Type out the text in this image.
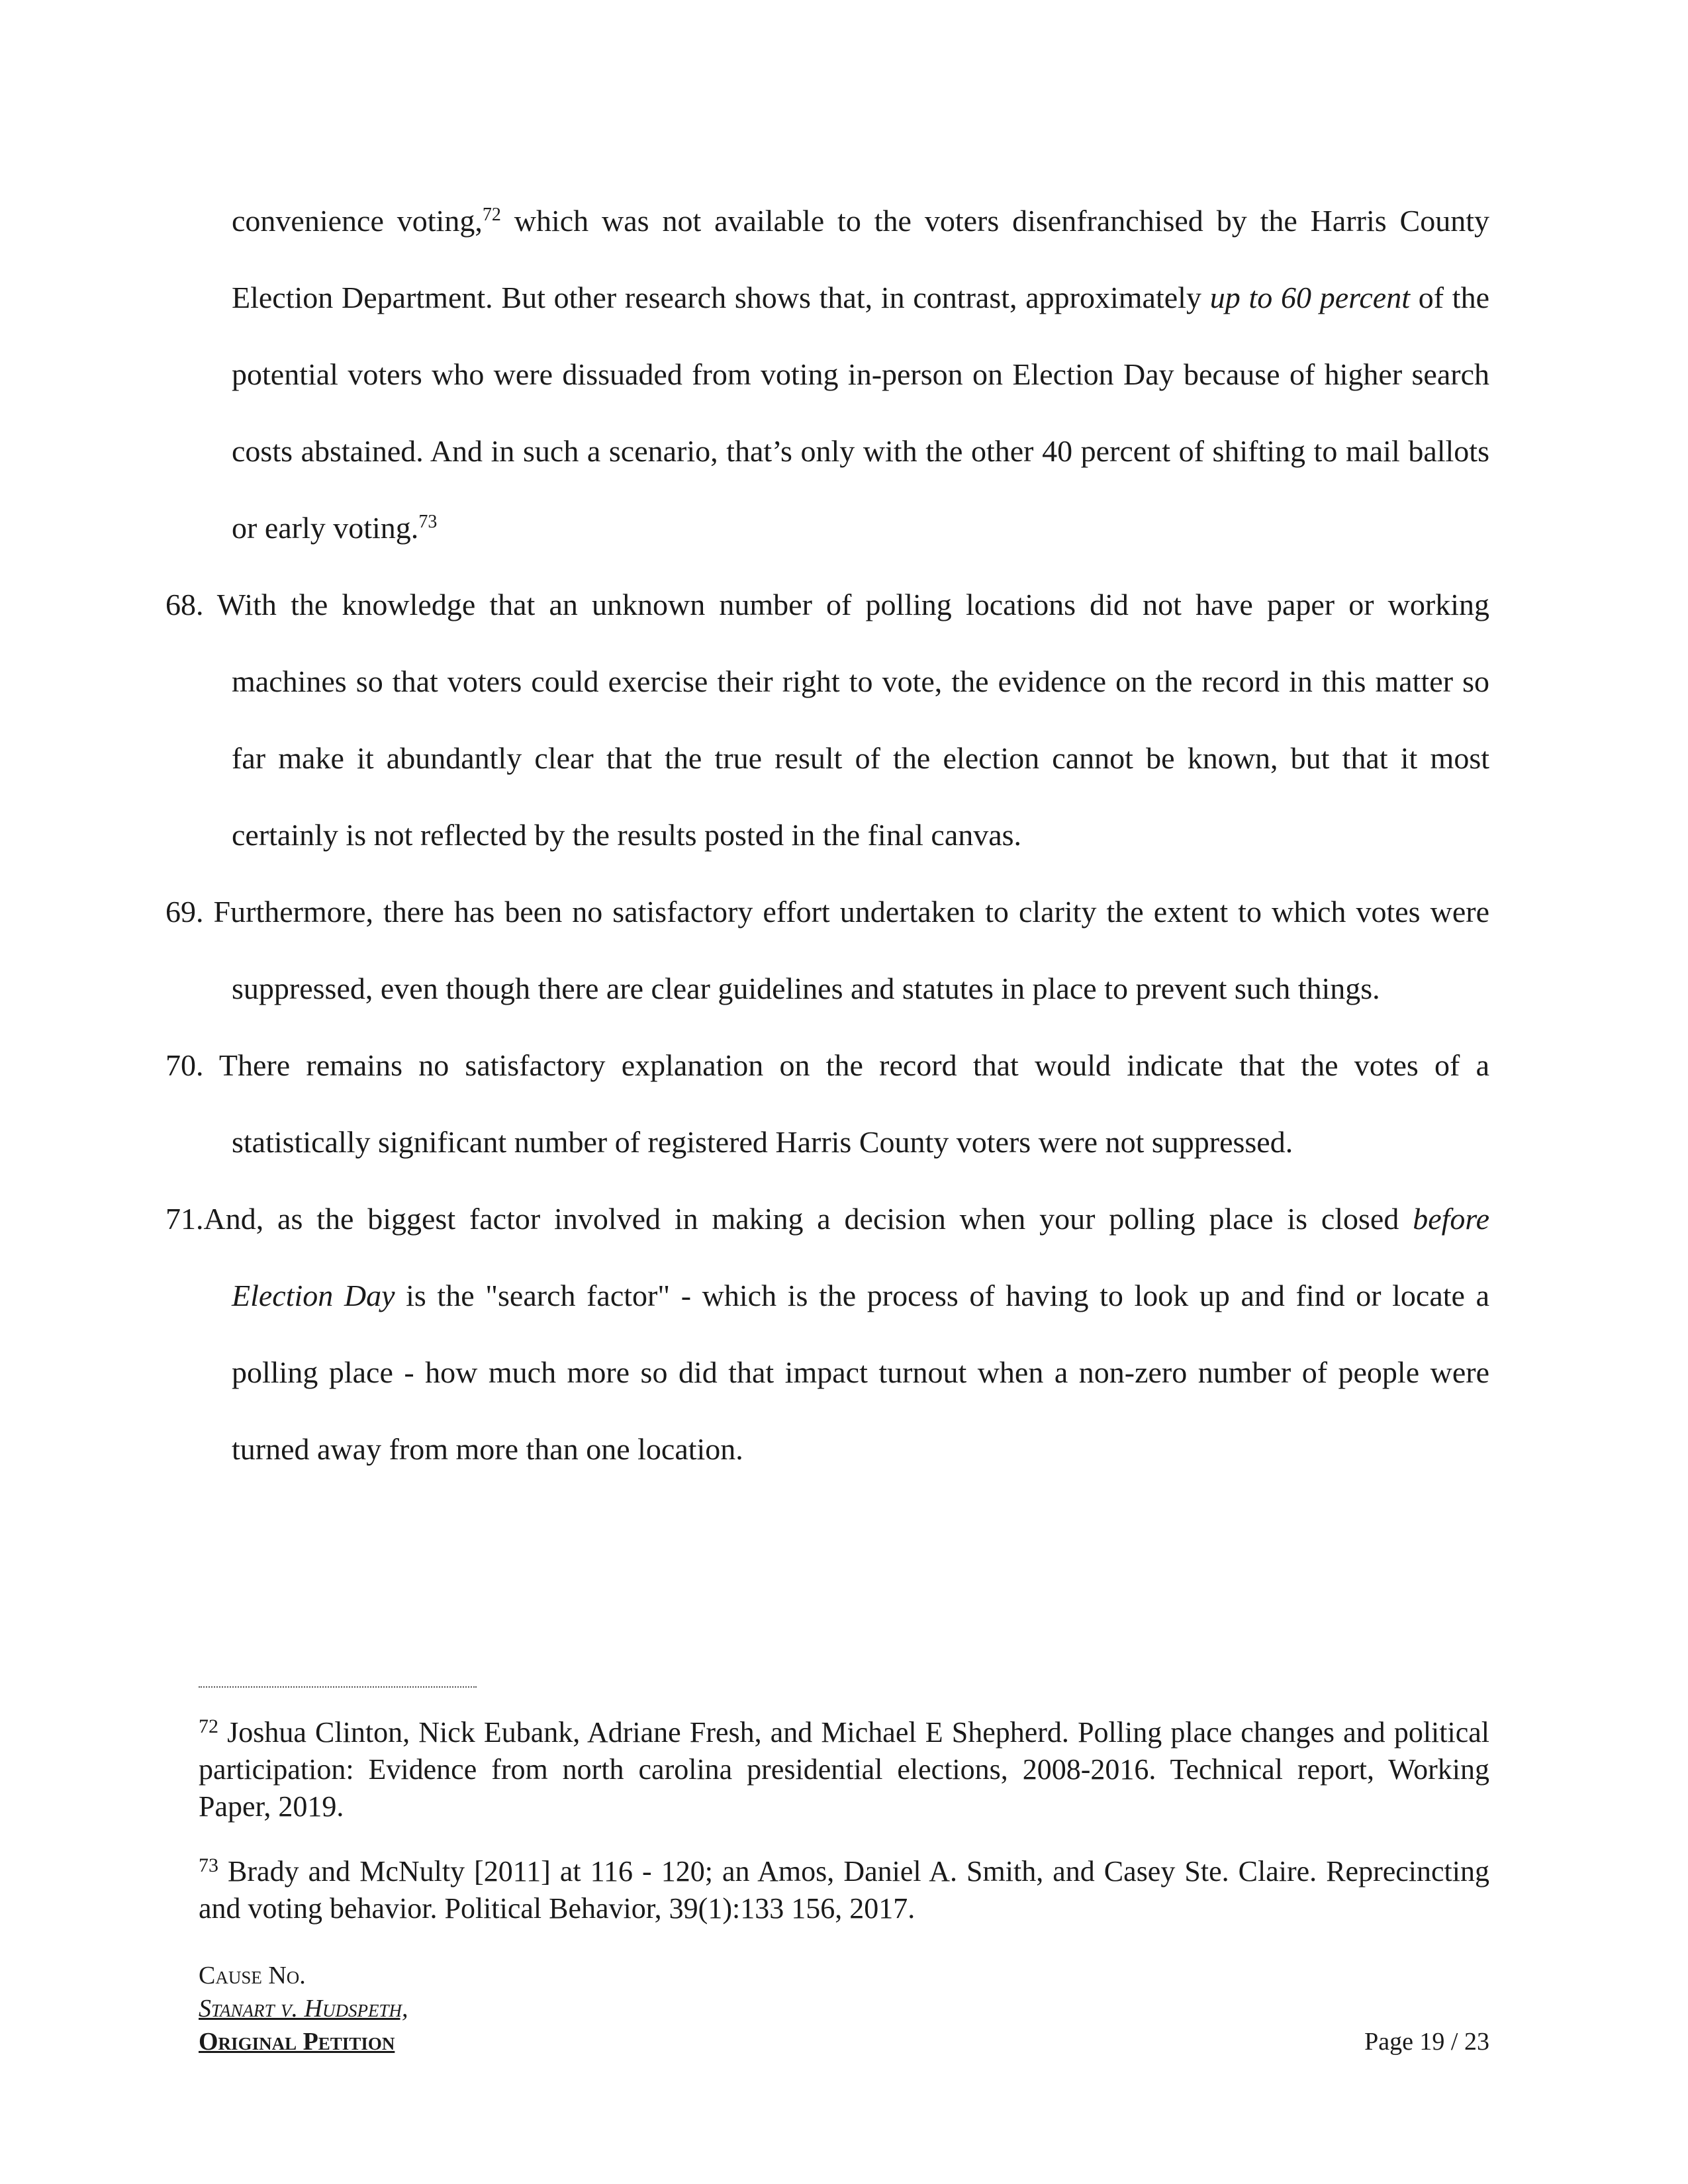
convenience voting,$^{72}$ which was not available to the voters disenfranchised by the Harris County Election Department. But other research shows that, in contrast, approximately up to 60 percent of the potential voters who were dissuaded from voting in-person on Election Day because of higher search costs abstained. And in such a scenario, that’s only with the other 40 percent of shifting to mail ballots or early voting.$^{73}$

68. With the knowledge that an unknown number of polling locations did not have paper or working machines so that voters could exercise their right to vote, the evidence on the record in this matter so far make it abundantly clear that the true result of the election cannot be known, but that it most certainly is not reflected by the results posted in the final canvas.

69. Furthermore, there has been no satisfactory effort undertaken to clarity the extent to which votes were suppressed, even though there are clear guidelines and statutes in place to prevent such things.

70. There remains no satisfactory explanation on the record that would indicate that the votes of a statistically significant number of registered Harris County voters were not suppressed.

71.And, as the biggest factor involved in making a decision when your polling place is closed before Election Day is the "search factor" - which is the process of having to look up and find or locate a polling place - how much more so did that impact turnout when a non-zero number of people were turned away from more than one location.

$^{72}$ Joshua Clinton, Nick Eubank, Adriane Fresh, and Michael E Shepherd. Polling place changes and political participation: Evidence from north carolina presidential elections, 2008-2016. Technical report, Working Paper, 2019.

$^{73}$ Brady and McNulty [2011] at 116 - 120; an Amos, Daniel A. Smith, and Casey Ste. Claire. Reprecincting and voting behavior. Political Behavior, 39(1):133 156, 2017.

Cause No.
Stanart v. Hudspeth,
Original Petition	Page 19 / 23
